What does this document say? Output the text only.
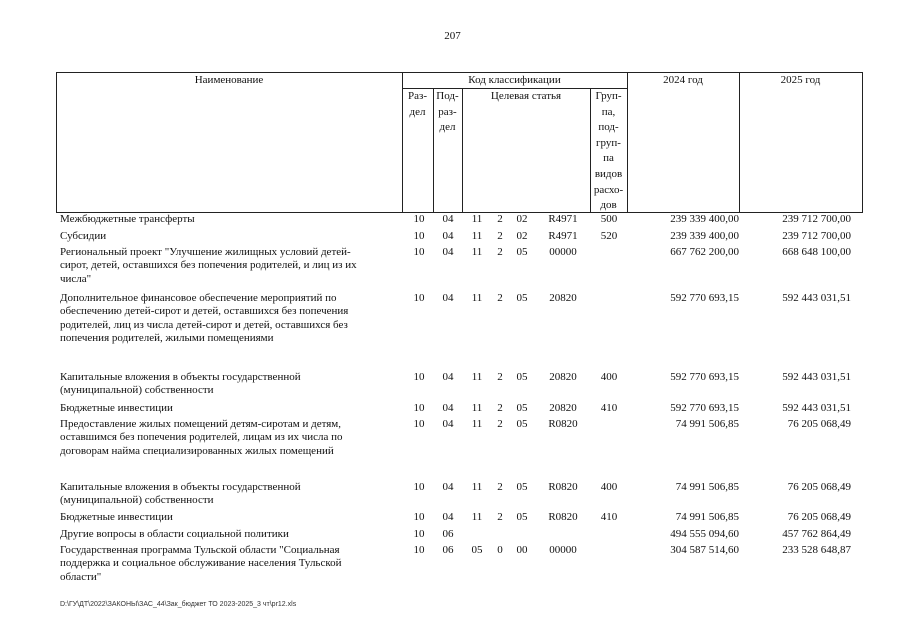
207
Наименование	Код классификации	2024 год	2025 год
Раз-
дел
Под-
раз-
дел
Целевая статья	Груп-
па,
под-
груп-
па
видов
расхо-
дов
Межбюджетные трансферты	10	04	11	2	02	R4971	500	239 339 400,00	239 712 700,00
Субсидии	10	04	11	2	02	R4971	520	239 339 400,00	239 712 700,00
Региональный проект "Улучшение жилищных условий детей-
сирот, детей, оставшихся без попечения родителей, и лиц из их
числа"
10	04	11	2	05	00000	667 762 200,00	668 648 100,00
Дополнительное финансовое обеспечение мероприятий по
обеспечению детей-сирот и детей, оставшихся без попечения
родителей, лиц из числа детей-сирот и детей, оставшихся без
попечения родителей, жилыми помещениями
10	04	11	2	05	20820	592 770 693,15	592 443 031,51
Капитальные вложения в объекты государственной
(муниципальной) собственности
10	04	11	2	05	20820	400	592 770 693,15	592 443 031,51
Бюджетные инвестиции	10	04	11	2	05	20820	410	592 770 693,15	592 443 031,51
Предоставление жилых помещений детям-сиротам и детям,
оставшимся без попечения родителей, лицам из их числа по
договорам найма специализированных жилых помещений
10	04	11	2	05	R0820	74 991 506,85	76 205 068,49
Капитальные вложения в объекты государственной
(муниципальной) собственности
10	04	11	2	05	R0820	400	74 991 506,85	76 205 068,49
Бюджетные инвестиции	10	04	11	2	05	R0820	410	74 991 506,85	76 205 068,49
Другие вопросы в области социальной политики	10	06	494 555 094,60	457 762 864,49
Государственная программа Тульской области "Социальная
поддержка и социальное обслуживание населения Тульской
области"
10	06	05	0	00	00000	304 587 514,60	233 528 648,87
D:\ГУ\ДТ\2022\ЗАКОНЫ\ЗАС_44\Зак_бюджет ТО 2023-2025_3 чт\pr12.xls
